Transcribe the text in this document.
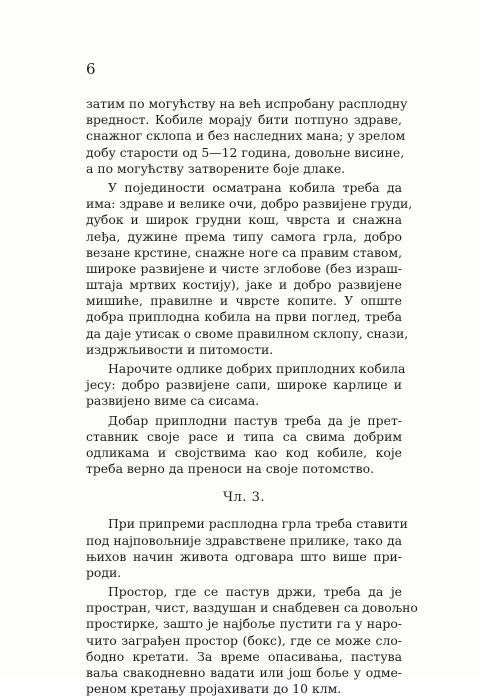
6
затим по могућству на већ испробану расплодну
вредност. Кобиле морају бити потпуно здраве,
снажног склопа и без наследних мана; у зрелом
добу старости од 5—12 година, довољне висине,
а по могућству затворените боје длаке.
У појединости осматрана кобила треба да
има: здраве и велике очи, добро развијене груди,
дубок и широк грудни кош, чврста и снажна
леђа, дужине према типу самога грла, добро
везане крстине, снажне ноге са правим ставом,
широке развијене и чисте зглобове (без израш-
штаја мртвих костију), јаке и добро развијене
мишиће, правилне и чврсте копите. У опште
добра приплодна кобила на први поглед, треба
да даје утисак о своме правилном склопу, снази,
издржљивости и питомости.
Нарочите одлике добрих приплодних кобила
јесу: добро развијене сапи, широке карлице и
развијено виме са сисама.
Добар приплодни пастув треба да је прет-
ставник своје расе и типа са свима добрим
одликама и својствима као код кобиле, које
треба верно да преноси на своје потомство.
Чл. 3.
При припреми расплодна грла треба ставити
под најповољније здравствене прилике, тако да
њихов начин живота одговара што више при-
роди.
Простор, где се пастув држи, треба да је
простран, чист, ваздушан и снабдевен са довољно
простирке, зашто је најбоље пустити га у наро-
чито заграђен простор (бокс), где се може сло-
бодно кретати. За време опасивања, пастува
ваља свакодневно вадати или још боље у одме-
реном кретању пројахивати до 10 клм.
